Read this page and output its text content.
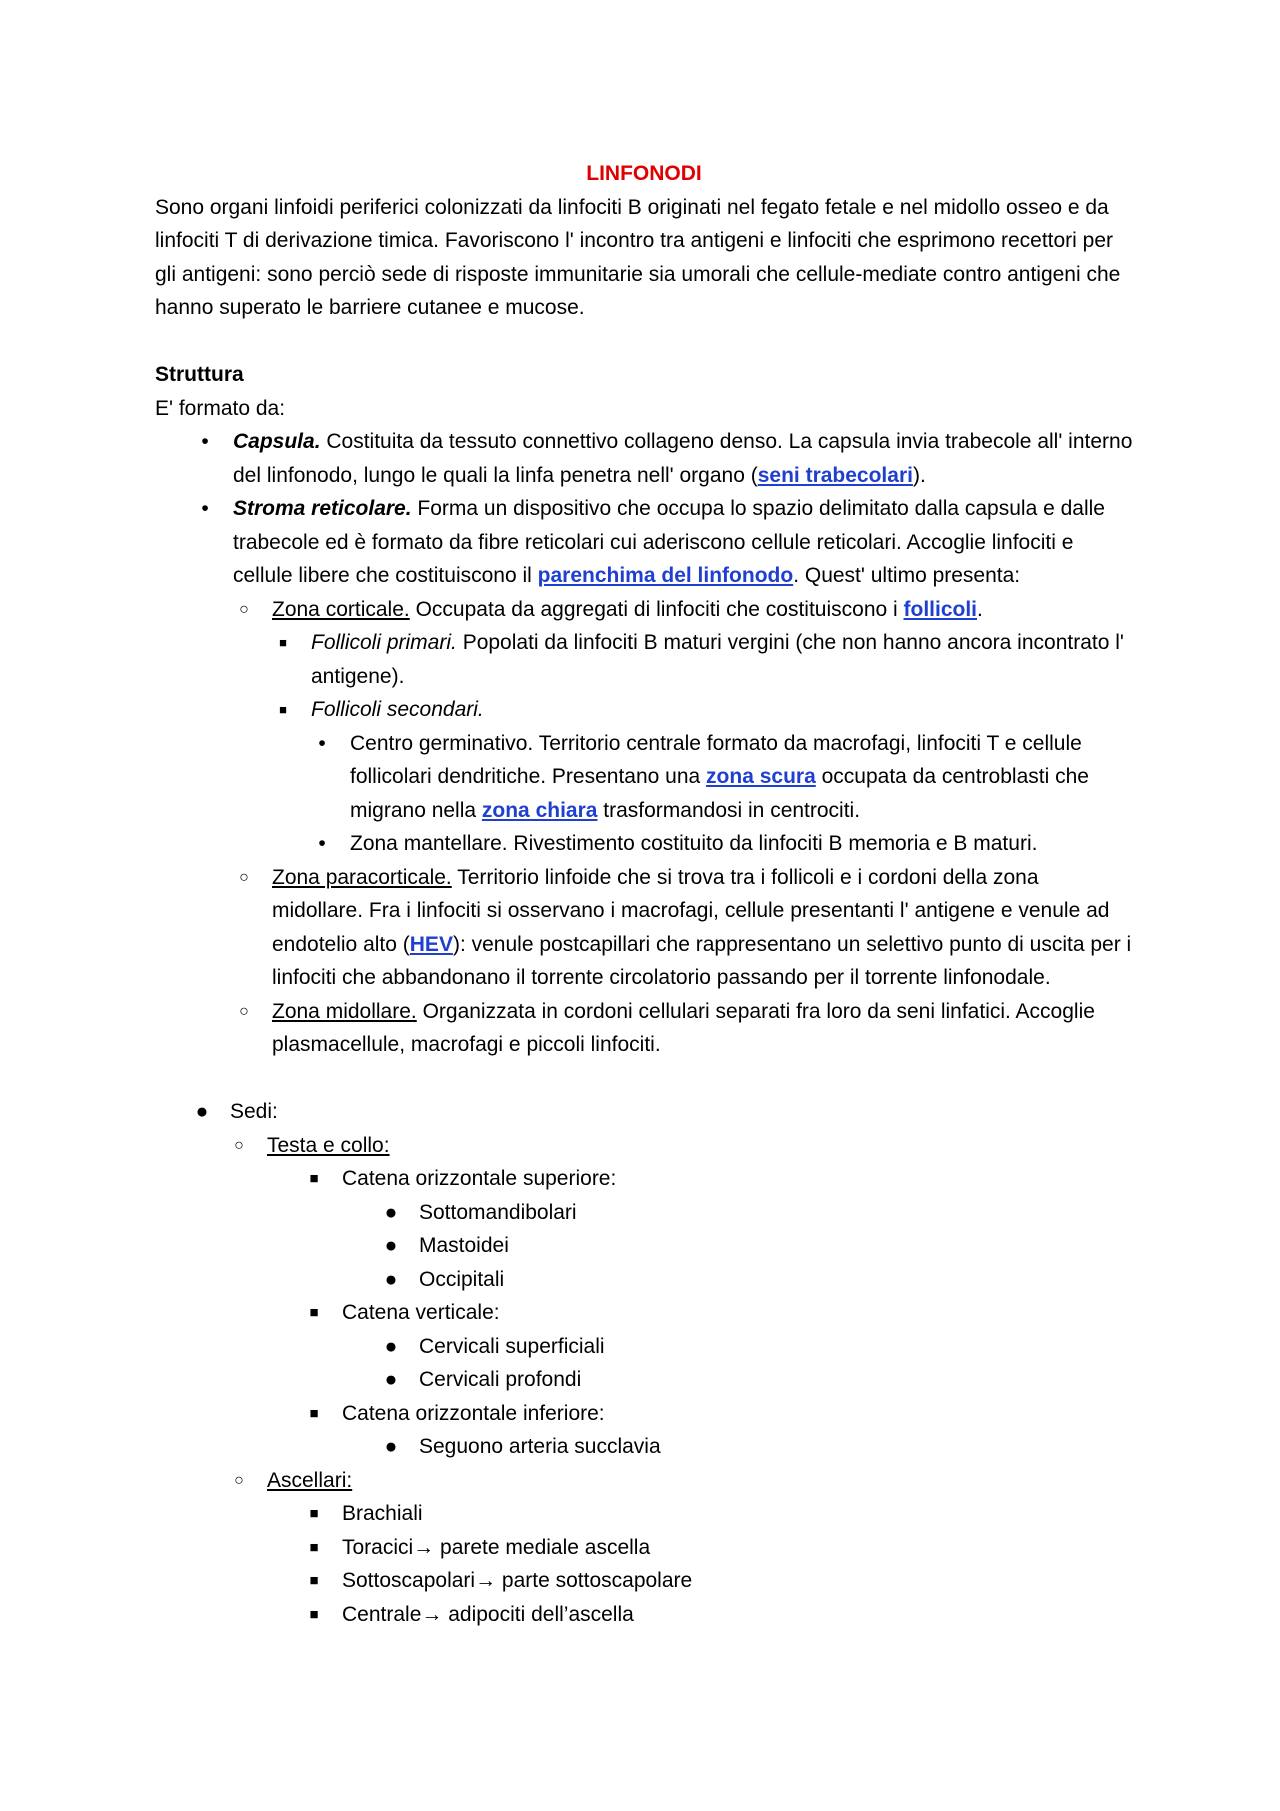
LINFONODI

Sono organi linfoidi periferici colonizzati da linfociti B originati nel fegato fetale e nel midollo osseo e da linfociti T di derivazione timica. Favoriscono l' incontro tra antigeni e linfociti che esprimono recettori per gli antigeni: sono perciò sede di risposte immunitarie sia umorali che cellule-mediate contro antigeni che hanno superato le barriere cutanee e mucose.

Struttura

E' formato da:

•	Capsula. Costituita da tessuto connettivo collageno denso. La capsula invia trabecole all' interno del linfonodo, lungo le quali la linfa penetra nell' organo (seni trabecolari).
•	Stroma reticolare. Forma un dispositivo che occupa lo spazio delimitato dalla capsula e dalle trabecole ed è formato da fibre reticolari cui aderiscono cellule reticolari. Accoglie linfociti e cellule libere che costituiscono il parenchima del linfonodo. Quest' ultimo presenta:
○ Zona corticale. Occupata da aggregati di linfociti che costituiscono i follicoli.
■ Follicoli primari. Popolati da linfociti B maturi vergini (che non hanno ancora incontrato l' antigene).
■ Follicoli secondari.
•	Centro germinativo. Territorio centrale formato da macrofagi, linfociti T e cellule follicolari dendritiche. Presentano una zona scura occupata da centroblasti che migrano nella zona chiara trasformandosi in centrociti.
•	Zona mantellare. Rivestimento costituito da linfociti B memoria e B maturi.
○ Zona paracorticale. Territorio linfoide che si trova tra i follicoli e i cordoni della zona midollare. Fra i linfociti si osservano i macrofagi, cellule presentanti l' antigene e venule ad endotelio alto (HEV): venule postcapillari che rappresentano un selettivo punto di uscita per i linfociti che abbandonano il torrente circolatorio passando per il torrente linfonodale.
○ Zona midollare. Organizzata in cordoni cellulari separati fra loro da seni linfatici. Accoglie plasmacellule, macrofagi e piccoli linfociti.
● Sedi:
○ Testa e collo:
■ Catena orizzontale superiore:
● Sottomandibolari
● Mastoidei
● Occipitali
■ Catena verticale:
● Cervicali superficiali
● Cervicali profondi
■ Catena orizzontale inferiore:
● Seguono arteria succlavia
○ Ascellari:
■ Brachiali
■ Toracici→ parete mediale ascella
■ Sottoscapolari→ parte sottoscapolare
■ Centrale→ adipociti dell’ascella
